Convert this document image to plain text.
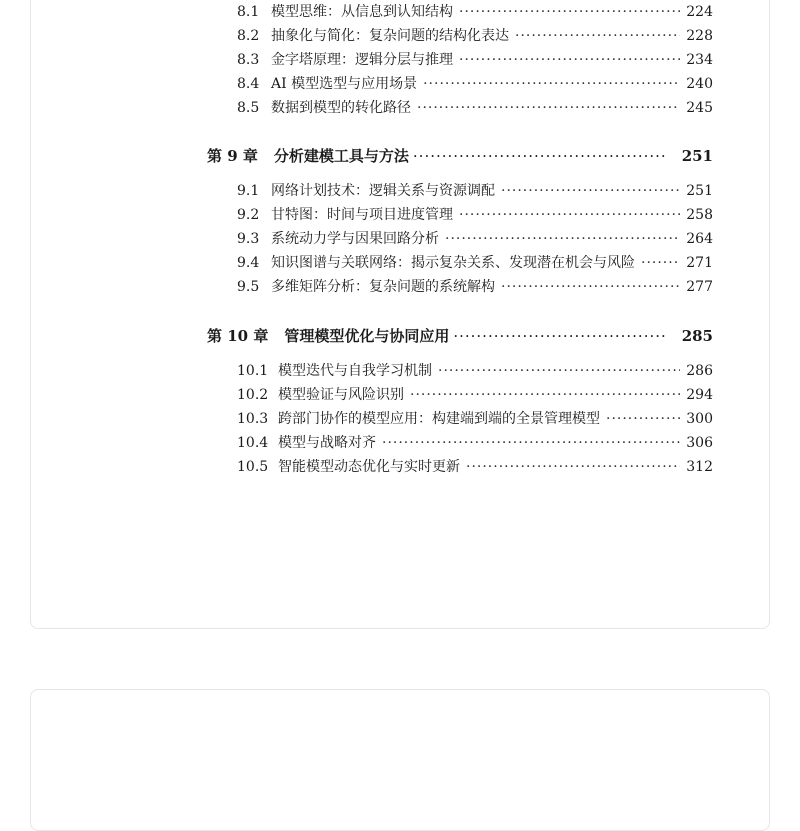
8.1 模型思维：从信息到认知结构 ·····	224
8.2 抽象化与简化：复杂问题的结构化表达 ·····	228
8.3 金字塔原理：逻辑分层与推理 ·····	234
8.4 AI 模型选型与应用场景 ·····	240
8.5 数据到模型的转化路径 ·····	245
第 9 章 分析建模工具与方法 ·····	251
9.1 网络计划技术：逻辑关系与资源调配 ·····	251
9.2 甘特图：时间与项目进度管理 ·····	258
9.3 系统动力学与因果回路分析 ·····	264
9.4 知识图谱与关联网络：揭示复杂关系、发现潜在机会与风险 ·····	271
9.5 多维矩阵分析：复杂问题的系统解构 ·····	277
第 10 章 管理模型优化与协同应用 ·····	285
10.1 模型迭代与自我学习机制 ·····	286
10.2 模型验证与风险识别 ·····	294
10.3 跨部门协作的模型应用：构建端到端的全景管理模型 ·····	300
10.4 模型与战略对齐 ·····	306
10.5 智能模型动态优化与实时更新 ·····	312
